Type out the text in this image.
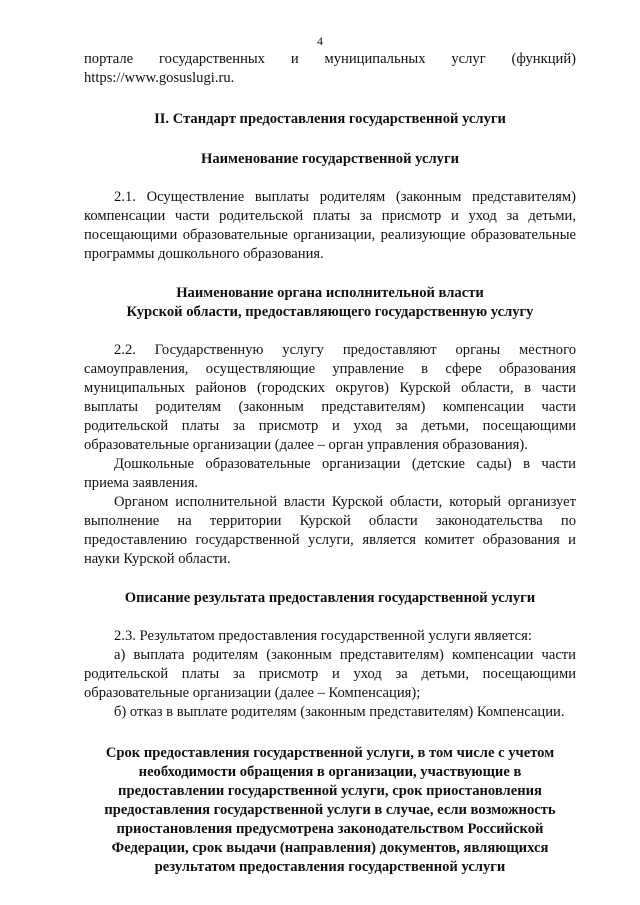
4

порталe государственных и муниципальных услуг (функций)

https://www.gosuslugi.ru.

II. Стандарт предоставления государственной услуги
Наименование государственной услуги

2.1. Осуществление выплаты родителям (законным представителям) компенсации части родительской платы за присмотр и уход за детьми, посещающими образовательные организации, реализующие образовательные программы дошкольного образования.

Наименование органа исполнительной власти
Курской области, предоставляющего государственную услугу

2.2. Государственную услугу предоставляют органы местного самоуправления, осуществляющие управление в сфере образования муниципальных районов (городских округов) Курской области, в части выплаты родителям (законным представителям) компенсации части родительской платы за присмотр и уход за детьми, посещающими образовательные организации (далее – орган управления образования).

Дошкольные образовательные организации (детские сады) в части приема заявления.

Органом исполнительной власти Курской области, который организует выполнение на территории Курской области законодательства по предоставлению государственной услуги, является комитет образования и науки Курской области.

Описание результата предоставления государственной услуги

2.3. Результатом предоставления государственной услуги является:

а) выплата родителям (законным представителям) компенсации части родительской платы за присмотр и уход за детьми, посещающими образовательные организации (далее – Компенсация);

б) отказ в выплате родителям (законным представителям) Компенсации.

Срок предоставления государственной услуги, в том числе с учетом необходимости обращения в организации, участвующие в предоставлении государственной услуги, срок приостановления предоставления государственной услуги в случае, если возможность приостановления предусмотрена законодательством Российской Федерации, срок выдачи (направления) документов, являющихся результатом предоставления государственной услуги
